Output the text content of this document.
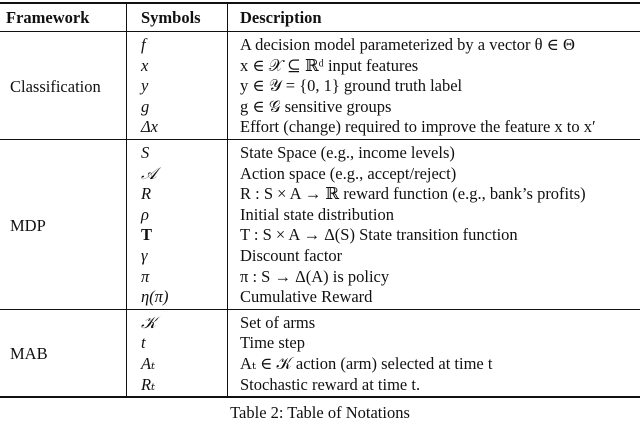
Framework	Symbols	Description
Classification	f	A decision model parameterized by a vector θ ∈ Θ
	x	x ∈ 𝒳 ⊆ ℝᵈ input features
	y	y ∈ 𝒴 = {0, 1} ground truth label
	g	g ∈ 𝒢 sensitive groups
	Δx	Effort (change) required to improve the feature x to x′
MDP	S	State Space (e.g., income levels)
	𝒜	Action space (e.g., accept/reject)
	R	R : S × A → ℝ reward function (e.g., bank’s profits)
	ρ	Initial state distribution
	T	T : S × A → Δ(S) State transition function
	γ	Discount factor
	π	π : S → Δ(A) is policy
	η(π)	Cumulative Reward
MAB	𝒦	Set of arms
	t	Time step
	Aₜ	Aₜ ∈ 𝒦 action (arm) selected at time t
	Rₜ	Stochastic reward at time t.
Table 2: Table of Notations
